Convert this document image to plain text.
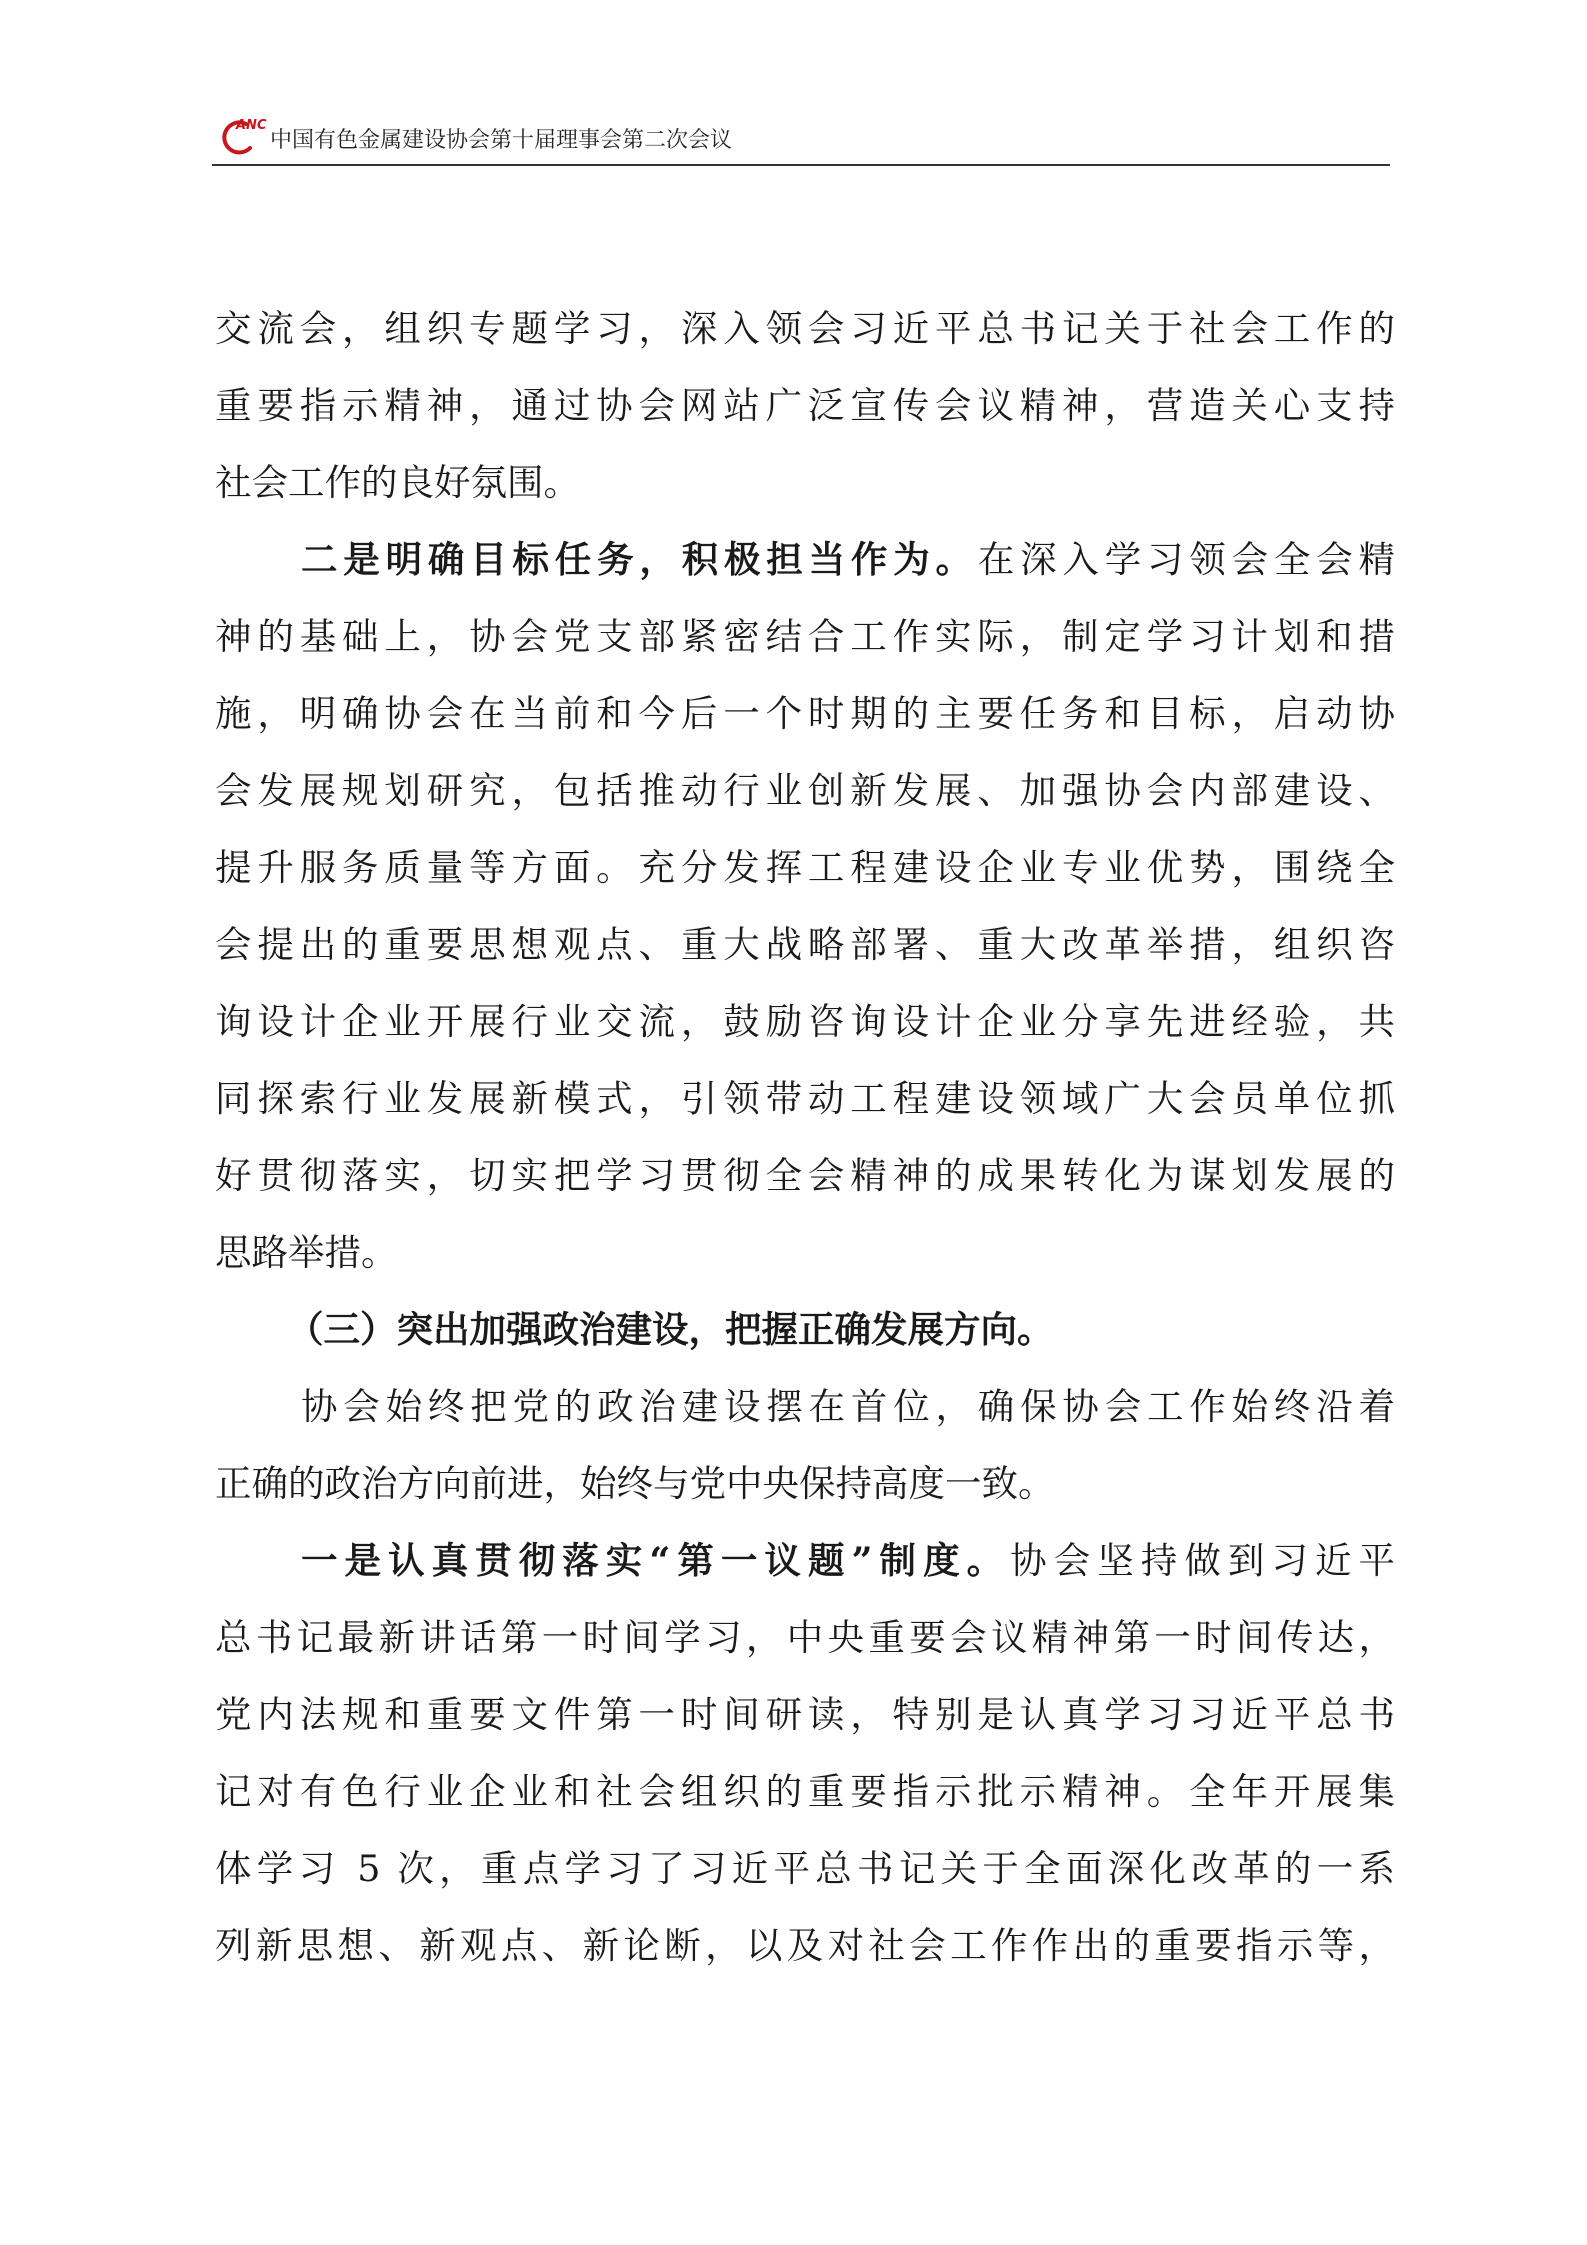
ANC
中国有色金属建设协会第十届理事会第二次会议
交流会，组织专题学习，深入领会习近平总书记关于社会工作的
重要指示精神，通过协会网站广泛宣传会议精神，营造关心支持
社会工作的良好氛围。
二是明确目标任务，积极担当作为。在深入学习领会全会精
神的基础上，协会党支部紧密结合工作实际，制定学习计划和措
施，明确协会在当前和今后一个时期的主要任务和目标，启动协
会发展规划研究，包括推动行业创新发展、加强协会内部建设、
提升服务质量等方面。充分发挥工程建设企业专业优势，围绕全
会提出的重要思想观点、重大战略部署、重大改革举措，组织咨
询设计企业开展行业交流，鼓励咨询设计企业分享先进经验，共
同探索行业发展新模式，引领带动工程建设领域广大会员单位抓
好贯彻落实，切实把学习贯彻全会精神的成果转化为谋划发展的
思路举措。
（三）突出加强政治建设，把握正确发展方向。
协会始终把党的政治建设摆在首位，确保协会工作始终沿着
正确的政治方向前进，始终与党中央保持高度一致。
一是认真贯彻落实“第一议题”制度。协会坚持做到习近平
总书记最新讲话第一时间学习，中央重要会议精神第一时间传达，
党内法规和重要文件第一时间研读，特别是认真学习习近平总书
记对有色行业企业和社会组织的重要指示批示精神。全年开展集
体学习 5 次，重点学习了习近平总书记关于全面深化改革的一系
列新思想、新观点、新论断，以及对社会工作作出的重要指示等，
